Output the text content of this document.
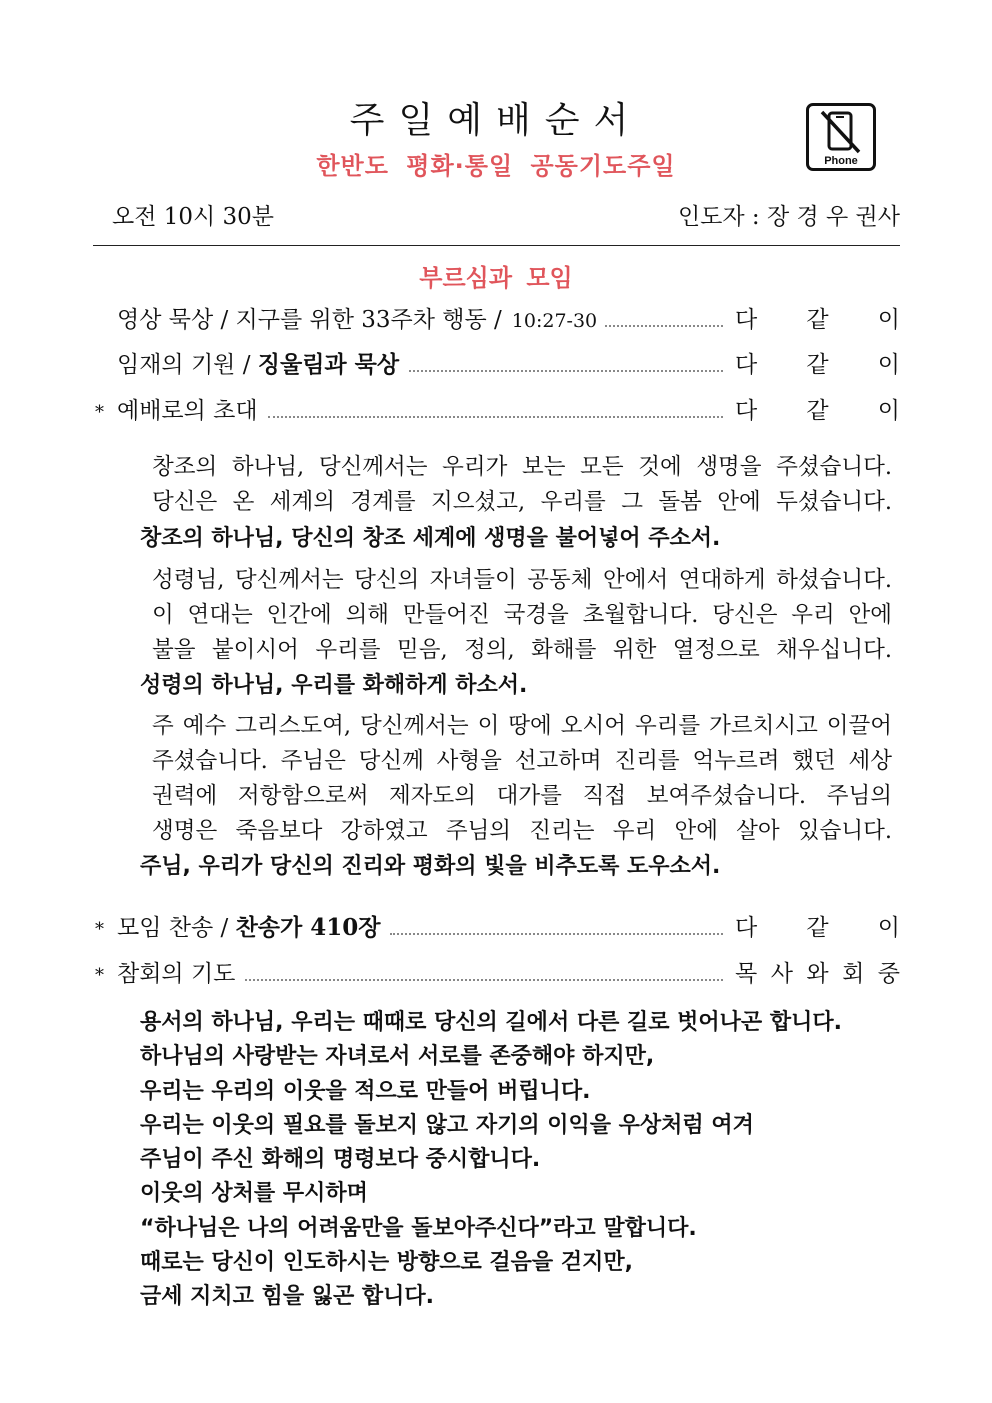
주일예배순서
한반도 평화·통일 공동기도주일	Phone
오전 10시 30분	인도자 : 장 경 우 권사
부르심과 모임
영상 묵상 / 지구를 위한 33주차 행동 / 10:27-30	다 같 이
임재의 기원 / 징울림과 묵상	다 같 이
* 예배로의 초대	다 같 이
창조의 하나님, 당신께서는 우리가 보는 모든 것에 생명을 주셨습니다.
당신은 온 세계의 경계를 지으셨고, 우리를 그 돌봄 안에 두셨습니다.
창조의 하나님, 당신의 창조 세계에 생명을 불어넣어 주소서.
성령님, 당신께서는 당신의 자녀들이 공동체 안에서 연대하게 하셨습니다.
이 연대는 인간에 의해 만들어진 국경을 초월합니다. 당신은 우리 안에
불을 붙이시어 우리를 믿음, 정의, 화해를 위한 열정으로 채우십니다.
성령의 하나님, 우리를 화해하게 하소서.
주 예수 그리스도여, 당신께서는 이 땅에 오시어 우리를 가르치시고 이끌어
주셨습니다. 주님은 당신께 사형을 선고하며 진리를 억누르려 했던 세상
권력에 저항함으로써 제자도의 대가를 직접 보여주셨습니다. 주님의
생명은 죽음보다 강하였고 주님의 진리는 우리 안에 살아 있습니다.
주님, 우리가 당신의 진리와 평화의 빛을 비추도록 도우소서.
* 모임 찬송 / 찬송가 410장	다 같 이
* 참회의 기도	목 사 와 회 중
용서의 하나님, 우리는 때때로 당신의 길에서 다른 길로 벗어나곤 합니다.
하나님의 사랑받는 자녀로서 서로를 존중해야 하지만,
우리는 우리의 이웃을 적으로 만들어 버립니다.
우리는 이웃의 필요를 돌보지 않고 자기의 이익을 우상처럼 여겨
주님이 주신 화해의 명령보다 중시합니다.
이웃의 상처를 무시하며
“하나님은 나의 어려움만을 돌보아주신다”라고 말합니다.
때로는 당신이 인도하시는 방향으로 걸음을 걷지만,
금세 지치고 힘을 잃곤 합니다.
